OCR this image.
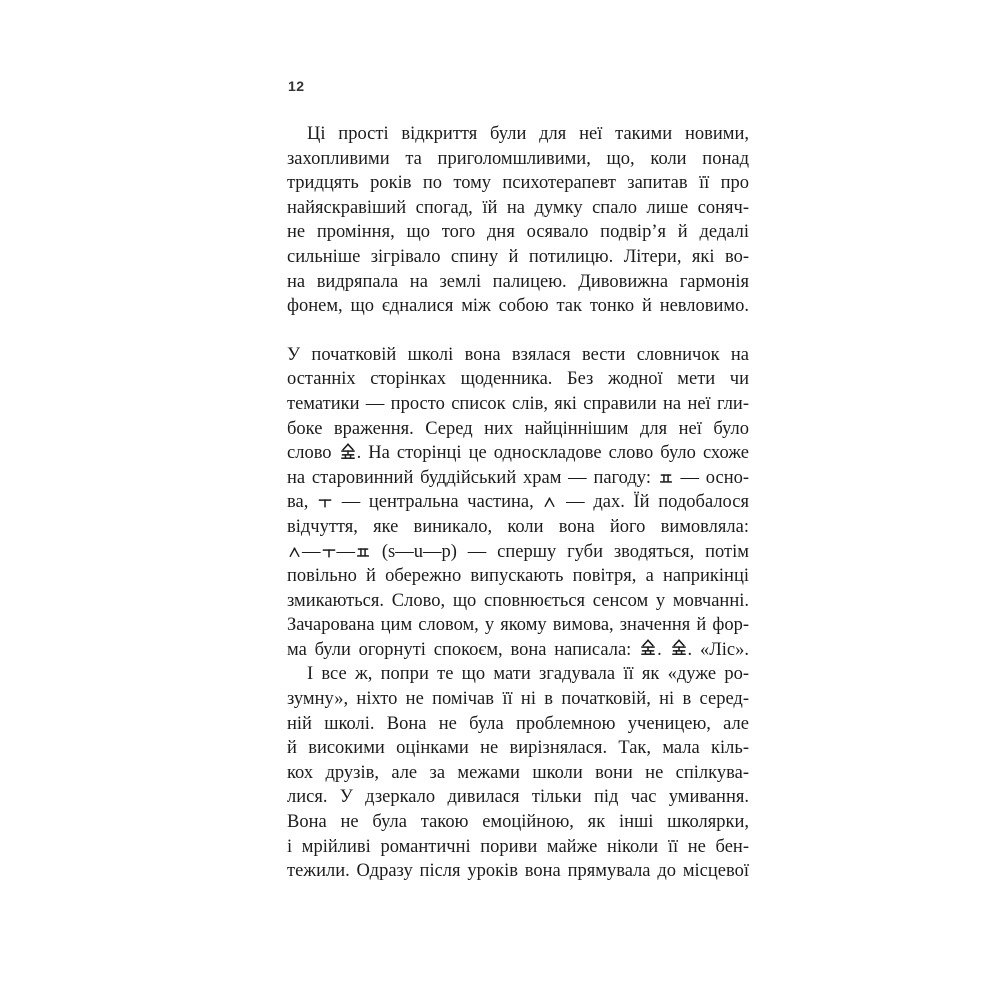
12
Ці прості відкриття були для неї такими новими,
захопливими та приголомшливими, що, коли понад
тридцять років по тому психотерапевт запитав її про
найяскравіший спогад, їй на думку спало лише соняч-
не проміння, що того дня осявало подвір’я й дедалі
сильніше зігрівало спину й потилицю. Літери, які во-
на видряпала на землі палицею. Дивовижна гармонія
фонем, що єдналися між собою так тонко й невловимо.
У початковій школі вона взялася вести словничок на
останніх сторінках щоденника. Без жодної мети чи
тематики — просто список слів, які справили на неї гли-
боке враження. Серед них найціннішим для неї було
слово . На сторінці це односкладове слово було схоже
на старовинний буддійський храм — пагоду:  — осно-
ва,  — центральна частина,  — дах. Їй подобалося
відчуття, яке виникало, коли вона його вимовляла:
— — (s—u—p) — спершу губи зводяться, потім
повільно й обережно випускають повітря, а наприкінці
змикаються. Слово, що сповнюється сенсом у мовчанні.
Зачарована цим словом, у якому вимова, значення й фор-
ма були огорнуті спокоєм, вона написала: . . «Ліс».
І все ж, попри те що мати згадувала її як «дуже ро-
зумну», ніхто не помічав її ні в початковій, ні в серед-
ній школі. Вона не була проблемною ученицею, але
й високими оцінками не вирізнялася. Так, мала кіль-
кох друзів, але за межами школи вони не спілкува-
лися. У дзеркало дивилася тільки під час умивання.
Вона не була такою емоційною, як інші школярки,
і мрійливі романтичні пориви майже ніколи її не бен-
тежили. Одразу після уроків вона прямувала до місцевої
